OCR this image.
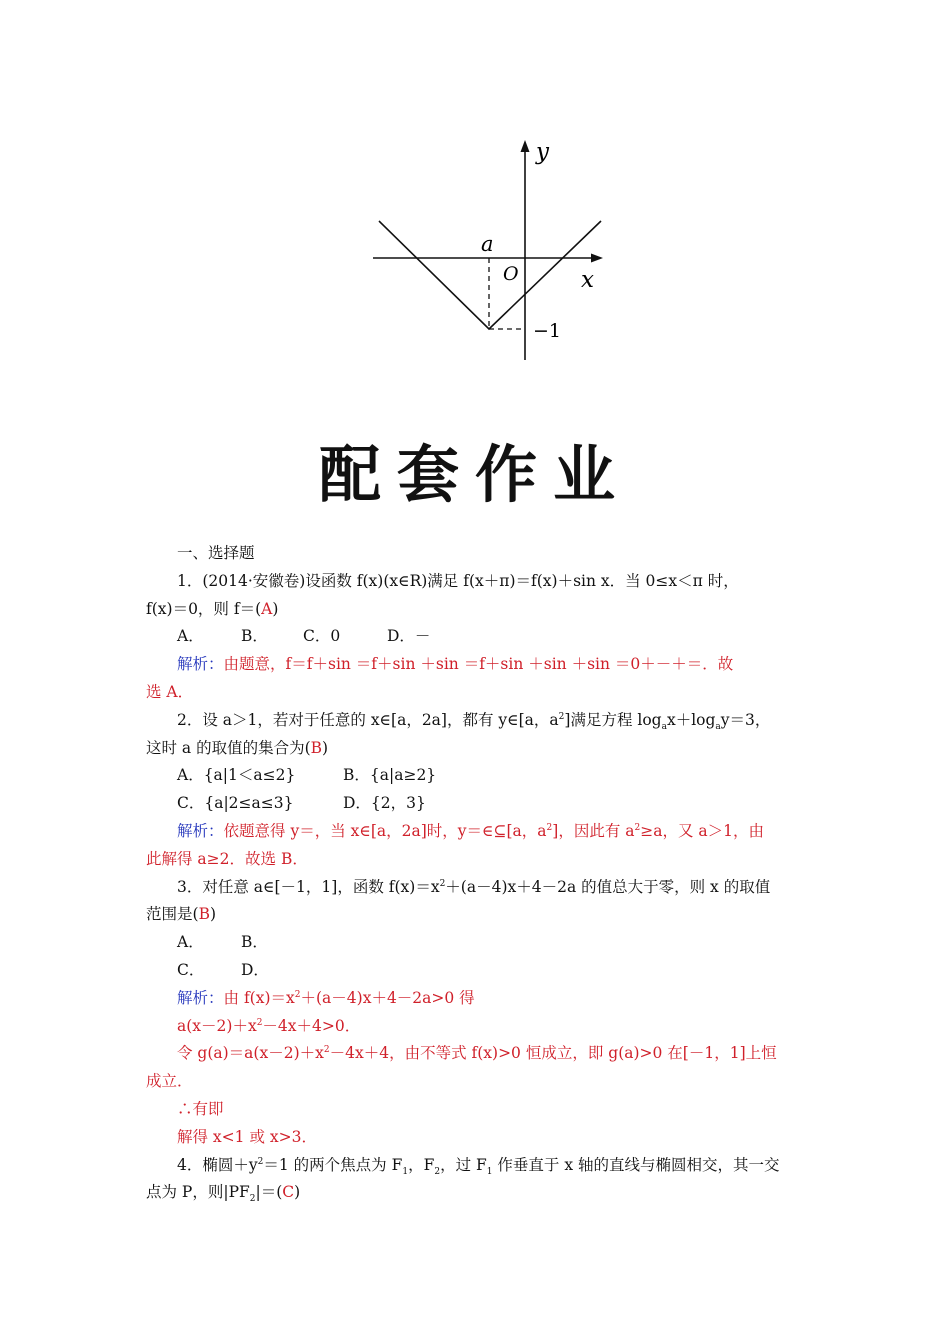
y
x
a
O
−1
配套作业
一、选择题
1．(2014·安徽卷)设函数 f(x)(x∈R)满足 f(x＋π)＝f(x)＋sin x．当 0≤x＜π 时，
f(x)＝0，则 f＝(A)
A． B． C．0	D．－
解析：由题意，f＝f＋sin ＝f＋sin ＋sin ＝f＋sin ＋sin ＋sin ＝0＋－＋＝．故
选 A．
2．设 a＞1，若对于任意的 x∈[a，2a]，都有 y∈[a，$a^2$]满足方程 $\log_ax+\log_ay=3$，
这时 a 的取值的集合为(B)
A．{a|1＜a≤2}	B．{a|a≥2}
C．{a|2≤a≤3}	D．{2，3}
解析：依题意得 y＝，当 x∈[a，2a]时，y＝∈⊆[a，$a^2$]，因此有 $a^2\ge a$，又 a＞1，由
此解得 a≥2．故选 B．
3．对任意 a∈[－1，1]，函数 $f(x)=x^2+(a-4)x+4-2a$ 的值总大于零，则 x 的取值
范围是(B)
A． B．
C． D．
解析：由 $f(x)=x^2+(a-4)x+4-2a>0$ 得
$a(x-2)+x^2-4x+4>0$．
令 $g(a)=a(x-2)+x^2-4x+4$，由不等式 f(x)>0 恒成立，即 g(a)>0 在[－1，1]上恒
成立．
∴有即
解得 x<1 或 x>3．
4．椭圆$+y^2=1$ 的两个焦点为 $F_1$，$F_2$，过 $F_1$ 作垂直于 x 轴的直线与椭圆相交，其一交
点为 P，则$|PF_2|=(C)$
